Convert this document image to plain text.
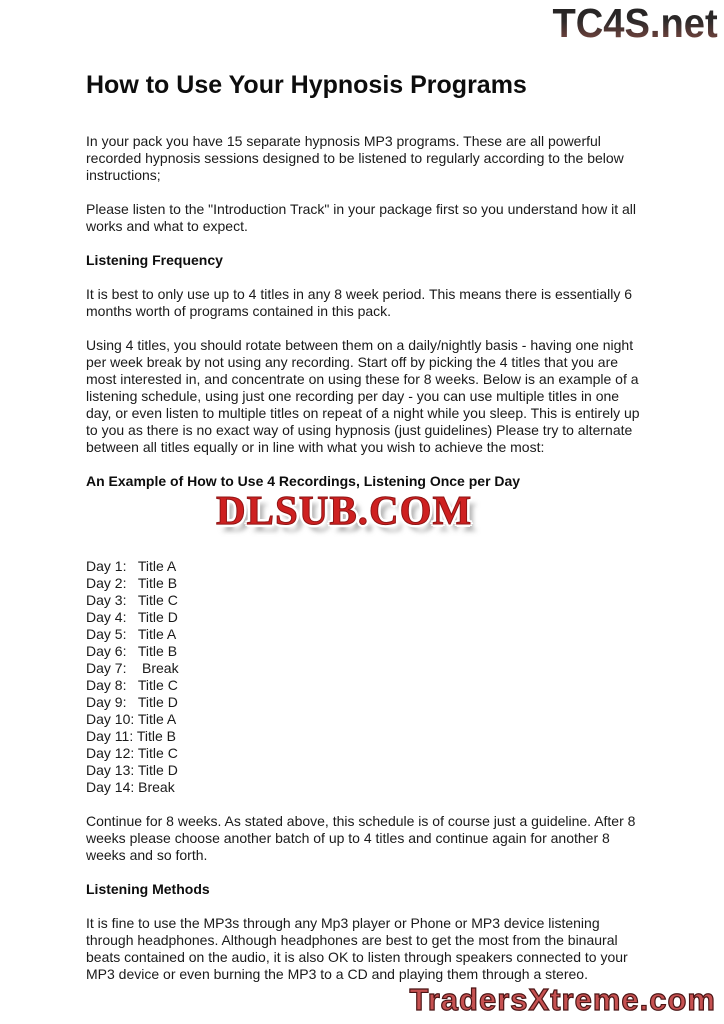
TC4S.net
How to Use Your Hypnosis Programs

In your pack you have 15 separate hypnosis MP3 programs. These are all powerful recorded hypnosis sessions designed to be listened to regularly according to the below instructions;

Please listen to the "Introduction Track" in your package first so you understand how it all works and what to expect.

Listening Frequency

It is best to only use up to 4 titles in any 8 week period. This means there is essentially 6 months worth of programs contained in this pack.

Using 4 titles, you should rotate between them on a daily/nightly basis - having one night per week break by not using any recording. Start off by picking the 4 titles that you are most interested in, and concentrate on using these for 8 weeks. Below is an example of a listening schedule, using just one recording per day - you can use multiple titles in one day, or even listen to multiple titles on repeat of a night while you sleep. This is entirely up to you as there is no exact way of using hypnosis (just guidelines) Please try to alternate between all titles equally or in line with what you wish to achieve the most:

An Example of How to Use 4 Recordings, Listening Once per Day

Day 1:   Title A
Day 2:   Title B
Day 3:   Title C
Day 4:   Title D
Day 5:   Title A
Day 6:   Title B
Day 7:    Break
Day 8:   Title C
Day 9:   Title D
Day 10: Title A
Day 11: Title B
Day 12: Title C
Day 13: Title D
Day 14: Break

Continue for 8 weeks. As stated above, this schedule is of course just a guideline. After 8 weeks please choose another batch of up to 4 titles and continue again for another 8 weeks and so forth.

Listening Methods

It is fine to use the MP3s through any Mp3 player or Phone or MP3 device listening through headphones. Although headphones are best to get the most from the binaural beats contained on the audio, it is also OK to listen through speakers connected to your MP3 device or even burning the MP3 to a CD and playing them through a stereo.

DLSUB.COM
TradersXtreme.com
